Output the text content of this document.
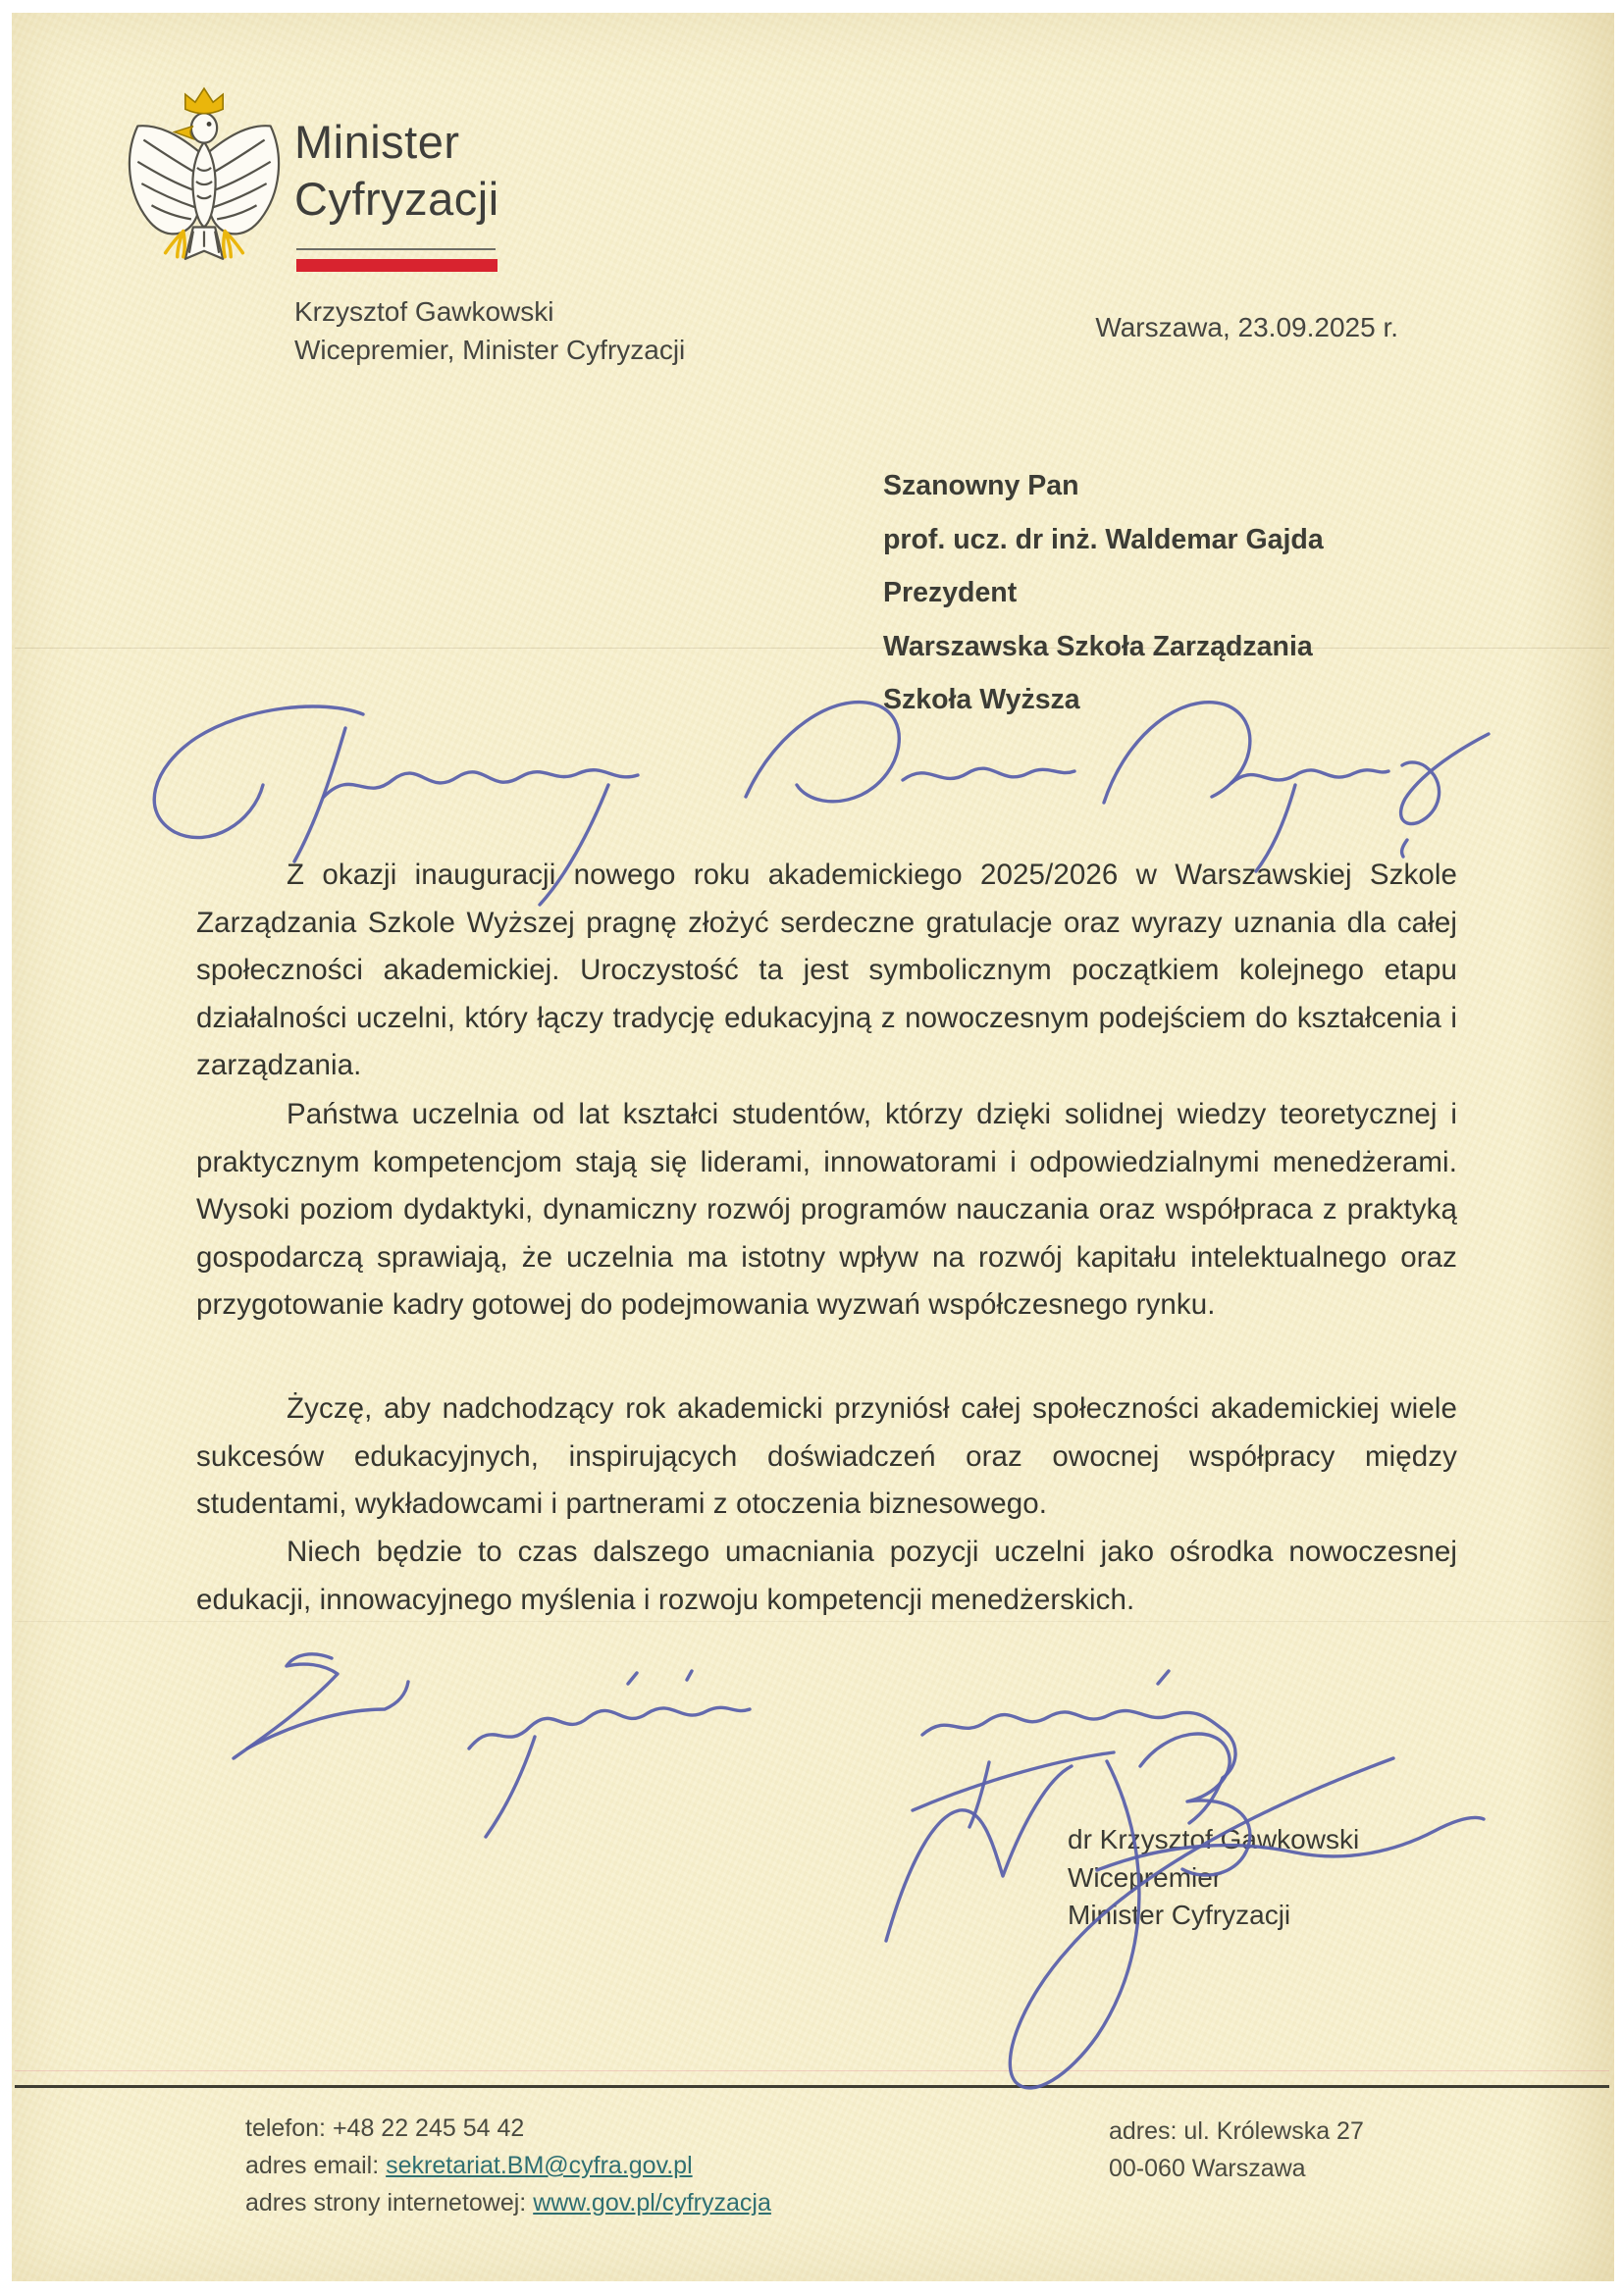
Minister
Cyfryzacji
Krzysztof Gawkowski
Wicepremier, Minister Cyfryzacji
Warszawa, 23.09.2025 r.
Szanowny Pan
prof. ucz. dr inż. Waldemar Gajda
Prezydent
Warszawska Szkoła Zarządzania
Szkoła Wyższa

Z okazji inauguracji nowego roku akademickiego 2025/2026 w Warszawskiej Szkole Zarządzania Szkole Wyższej pragnę złożyć serdeczne gratulacje oraz wyrazy uznania dla całej społeczności akademickiej. Uroczystość ta jest symbolicznym początkiem kolejnego etapu działalności uczelni, który łączy tradycję edukacyjną z nowoczesnym podejściem do kształcenia i zarządzania.

Państwa uczelnia od lat kształci studentów, którzy dzięki solidnej wiedzy teoretycznej i praktycznym kompetencjom stają się liderami, innowatorami i odpowiedzialnymi menedżerami. Wysoki poziom dydaktyki, dynamiczny rozwój programów nauczania oraz współpraca z praktyką gospodarczą sprawiają, że uczelnia ma istotny wpływ na rozwój kapitału intelektualnego oraz przygotowanie kadry gotowej do podejmowania wyzwań współczesnego rynku.

Życzę, aby nadchodzący rok akademicki przyniósł całej społeczności akademickiej wiele sukcesów edukacyjnych, inspirujących doświadczeń oraz owocnej współpracy między studentami, wykładowcami i partnerami z otoczenia biznesowego.

Niech będzie to czas dalszego umacniania pozycji uczelni jako ośrodka nowoczesnej edukacji, innowacyjnego myślenia i rozwoju kompetencji menedżerskich.

dr Krzysztof Gawkowski
Wicepremier
Minister Cyfryzacji
telefon: +48 22 245 54 42
adres email: sekretariat.BM@cyfra.gov.pl
adres strony internetowej: www.gov.pl/cyfryzacja
adres: ul. Królewska 27
00-060 Warszawa
